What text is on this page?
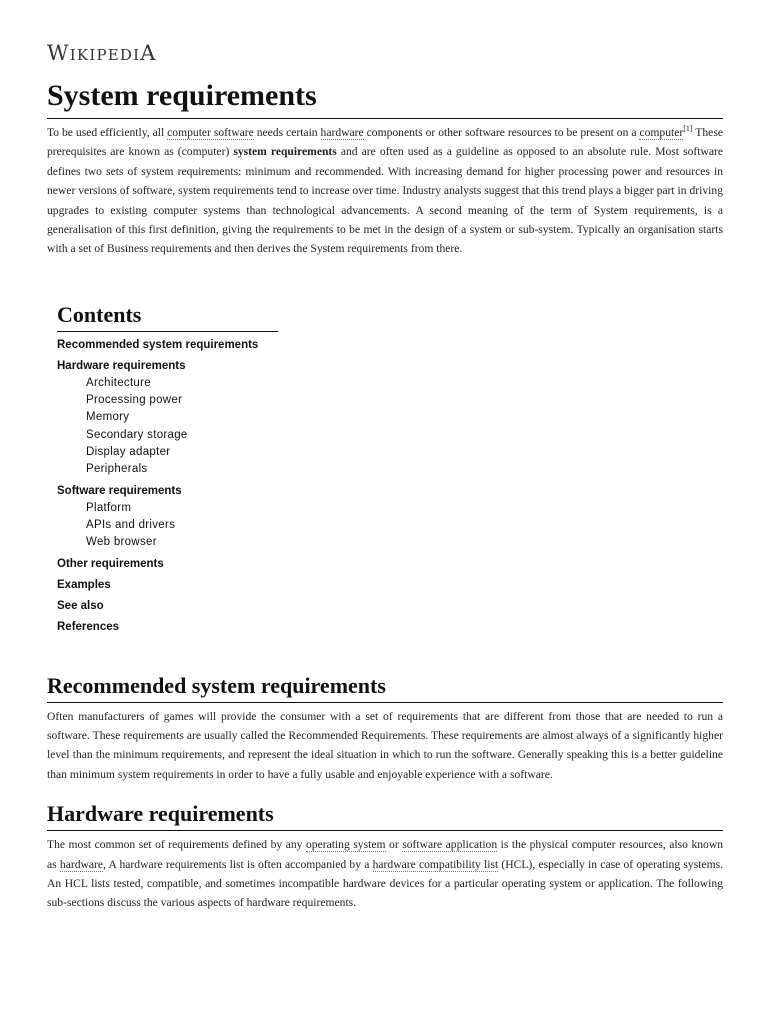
WIKIPEDIA
System requirements

To be used efficiently, all computer software needs certain hardware components or other software resources to be present on a computer[1] These prerequisites are known as (computer) system requirements and are often used as a guideline as opposed to an absolute rule. Most software defines two sets of system requirements: minimum and recommended. With increasing demand for higher processing power and resources in newer versions of software, system requirements tend to increase over time. Industry analysts suggest that this trend plays a bigger part in driving upgrades to existing computer systems than technological advancements. A second meaning of the term of System requirements, is a generalisation of this first definition, giving the requirements to be met in the design of a system or sub-system. Typically an organisation starts with a set of Business requirements and then derives the System requirements from there.

Contents
Recommended system requirements
Hardware requirements
Architecture
Processing power
Memory
Secondary storage
Display adapter
Peripherals
Software requirements
Platform
APIs and drivers
Web browser
Other requirements
Examples
See also
References
Recommended system requirements

Often manufacturers of games will provide the consumer with a set of requirements that are different from those that are needed to run a software. These requirements are usually called the Recommended Requirements. These requirements are almost always of a significantly higher level than the minimum requirements, and represent the ideal situation in which to run the software. Generally speaking this is a better guideline than minimum system requirements in order to have a fully usable and enjoyable experience with a software.

Hardware requirements

The most common set of requirements defined by any operating system or software application is the physical computer resources, also known as hardware, A hardware requirements list is often accompanied by a hardware compatibility list (HCL), especially in case of operating systems. An HCL lists tested, compatible, and sometimes incompatible hardware devices for a particular operating system or application. The following sub-sections discuss the various aspects of hardware requirements.
